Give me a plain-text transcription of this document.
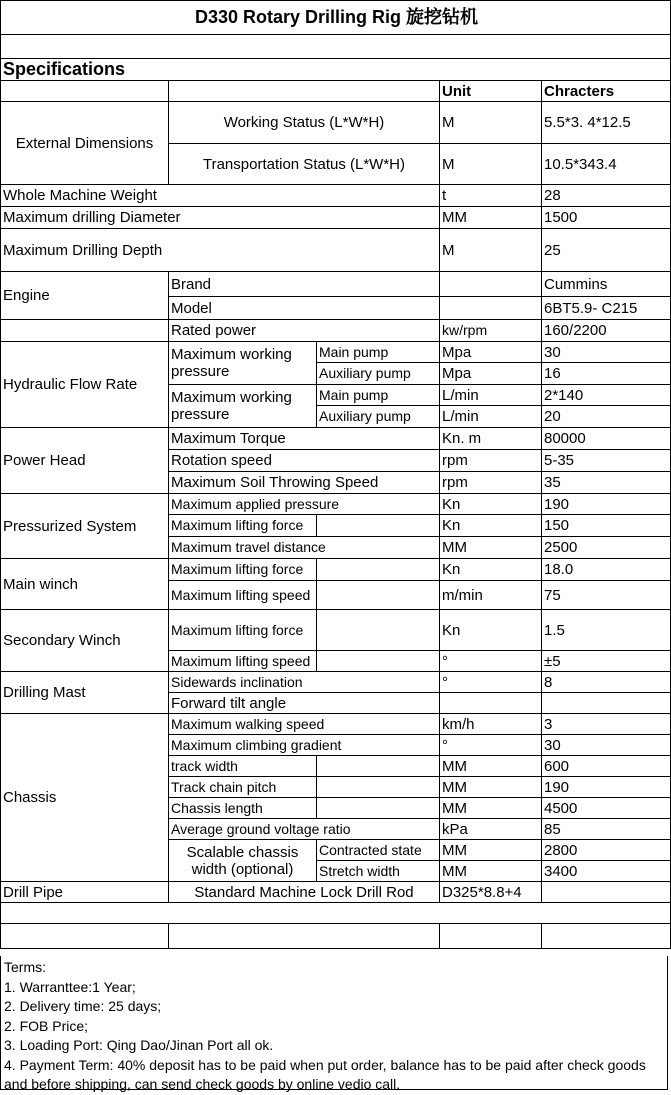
D330 Rotary Drilling Rig 旋挖钻机				

Specifications				
			Unit	Chracters
External Dimensions	Working Status (L*W*H)		M	5.5*3. 4*12.5
	Transportation Status (L*W*H)		M	10.5*343.4
Whole Machine Weight			t	28
Maximum drilling Diameter			MM	1500
Maximum Drilling Depth			M	25
Engine	Brand			Cummins
	Model			6BT5.9- C215
	Rated power		kw/rpm	160/2200
Hydraulic Flow Rate	Maximum working pressure	Main pump	Mpa	30
		Auxiliary pump	Mpa	16
	Maximum working pressure	Main pump	L/min	2*140
		Auxiliary pump	L/min	20
Power Head	Maximum Torque		Kn. m	80000
	Rotation speed		rpm	5-35
	Maximum Soil Throwing Speed		rpm	35
Pressurized System	Maximum applied pressure		Kn	190
	Maximum lifting force		Kn	150
	Maximum travel distance		MM	2500
Main winch	Maximum lifting force		Kn	18.0
	Maximum lifting speed		m/min	75
Secondary Winch	Maximum lifting force		Kn	1.5
	Maximum lifting speed		°	±5
Drilling Mast	Sidewards inclination		°	8
	Forward tilt angle			
Chassis	Maximum walking speed		km/h	3
	Maximum climbing gradient		°	30
	track width		MM	600
	Track chain pitch		MM	190
	Chassis length		MM	4500
	Average ground voltage ratio		kPa	85
	Scalable chassis width (optional)	Contracted state	MM	2800
		Stretch width	MM	3400
Drill Pipe	Standard Machine Lock Drill Rod		D325*8.8+4	

Terms:
1. Warranttee:1 Year;
2. Delivery time: 25 days;
2. FOB Price;
3. Loading Port: Qing Dao/Jinan Port all ok.
4. Payment Term: 40% deposit has to be paid when put order, balance has to be paid after check goods and before shipping, can send check goods by online vedio call.
